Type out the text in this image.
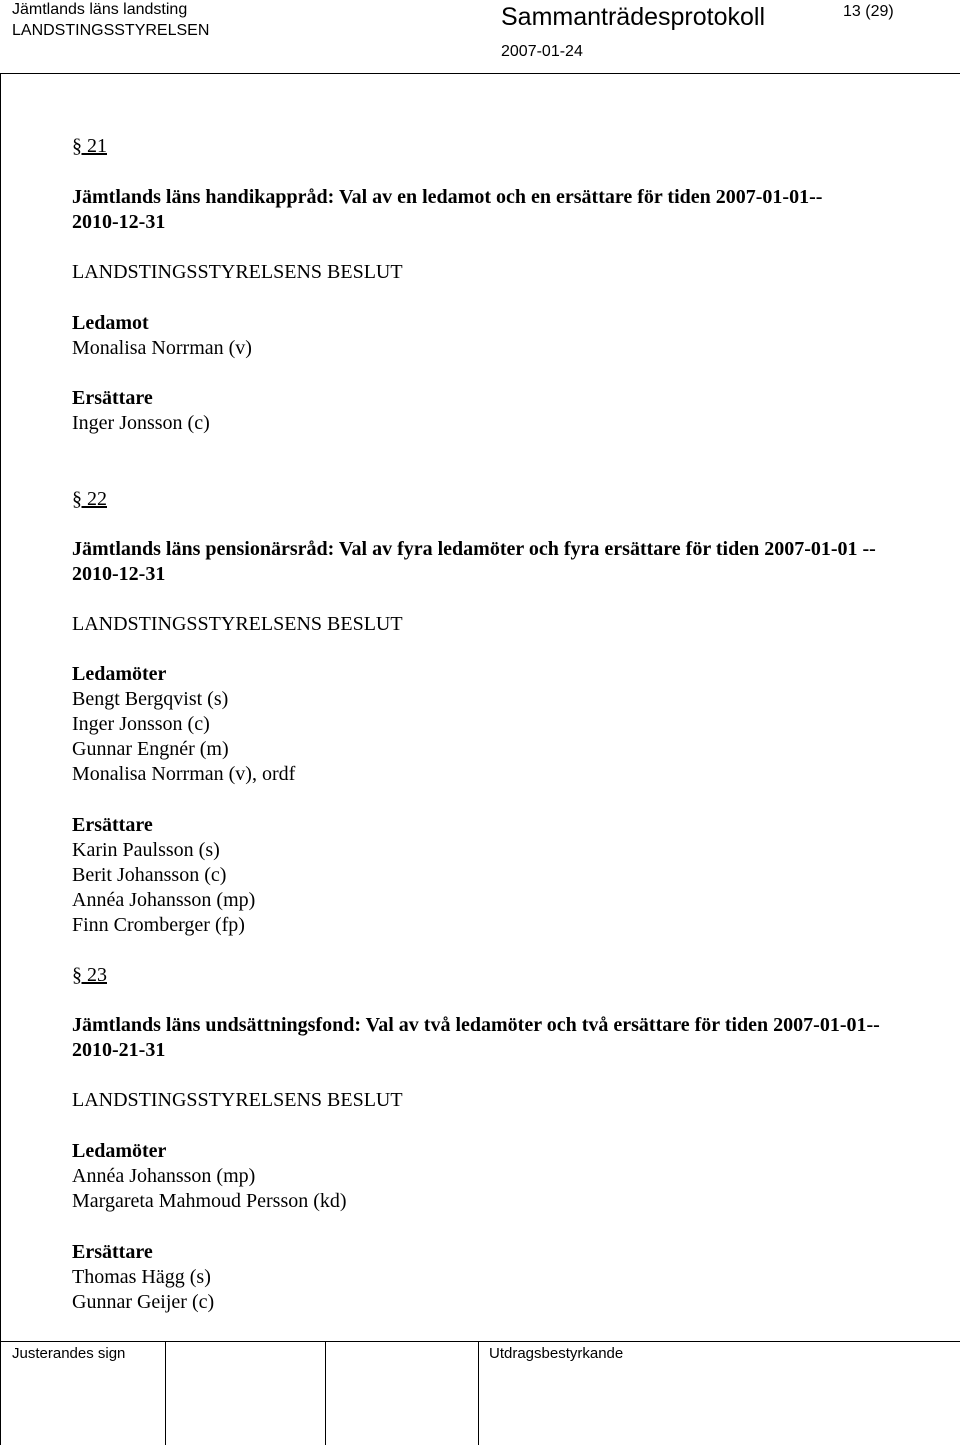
Jämtlands läns landsting
LANDSTINGSSTYRELSEN	Sammanträdesprotokoll
2007-01-24
13 (29)
§ 21
Jämtlands läns handikappråd: Val av en ledamot och en ersättare för tiden 2007-01-01--
2010-12-31
LANDSTINGSSTYRELSENS BESLUT
Ledamot
Monalisa Norrman (v)
Ersättare
Inger Jonsson (c)
§ 22
Jämtlands läns pensionärsråd: Val av fyra ledamöter och fyra ersättare för tiden 2007-01-01 --
2010-12-31
LANDSTINGSSTYRELSENS BESLUT
Ledamöter
Bengt Bergqvist (s)
Inger Jonsson (c)
Gunnar Engnér (m)
Monalisa Norrman (v), ordf
Ersättare
Karin Paulsson (s)
Berit Johansson (c)
Annéa Johansson (mp)
Finn Cromberger (fp)
§ 23
Jämtlands läns undsättningsfond: Val av två ledamöter och två ersättare för tiden 2007-01-01--
2010-21-31
LANDSTINGSSTYRELSENS BESLUT
Ledamöter
Annéa Johansson (mp)
Margareta Mahmoud Persson (kd)
Ersättare
Thomas Hägg (s)
Gunnar Geijer (c)
Justerandes sign	Utdragsbestyrkande
